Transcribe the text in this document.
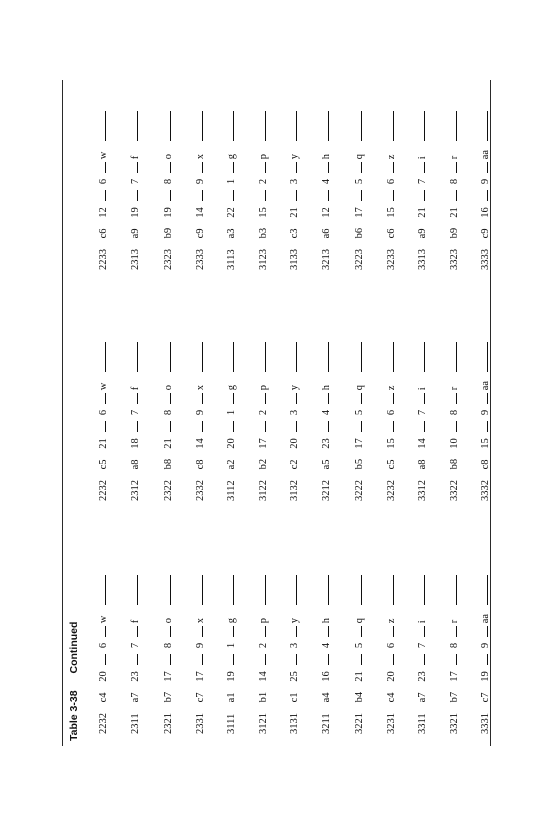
Table 3-38 Continued
2232 c4 20  6  w
2232 c5 21  6  w
2233 c6 12  6  w
2311 a7 23  7  f
2312 a8 18  7  f
2313 a9 19  7  f
2321 b7 17  8  o
2322 b8 21  8  o
2323 b9 19  8  o
2331 c7 17  9  x
2332 c8 14  9  x
2333 c9 14  9  x
3111 a1 19  1  g
3112 a2 20  1  g
3113 a3 22  1  g
3121 b1 14  2  p
3122 b2 17  2  p
3123 b3 15  2  p
3131 c1 25  3  y
3132 c2 20  3  y
3133 c3 21  3  y
3211 a4 16  4  h
3212 a5 23  4  h
3213 a6 12  4  h
3221 b4 21  5  q
3222 b5 17  5  q
3223 b6 17  5  q
3231 c4 20  6  z
3232 c5 15  6  z
3233 c6 15  6  z
3311 a7 23  7  i
3312 a8 14  7  i
3313 a9 21  7  i
3321 b7 17  8  r
3322 b8 10  8  r
3323 b9 21  8  r
3331 c7 19  9  aa
3332 c8 15  9  aa
3333 c9 16  9  aa
